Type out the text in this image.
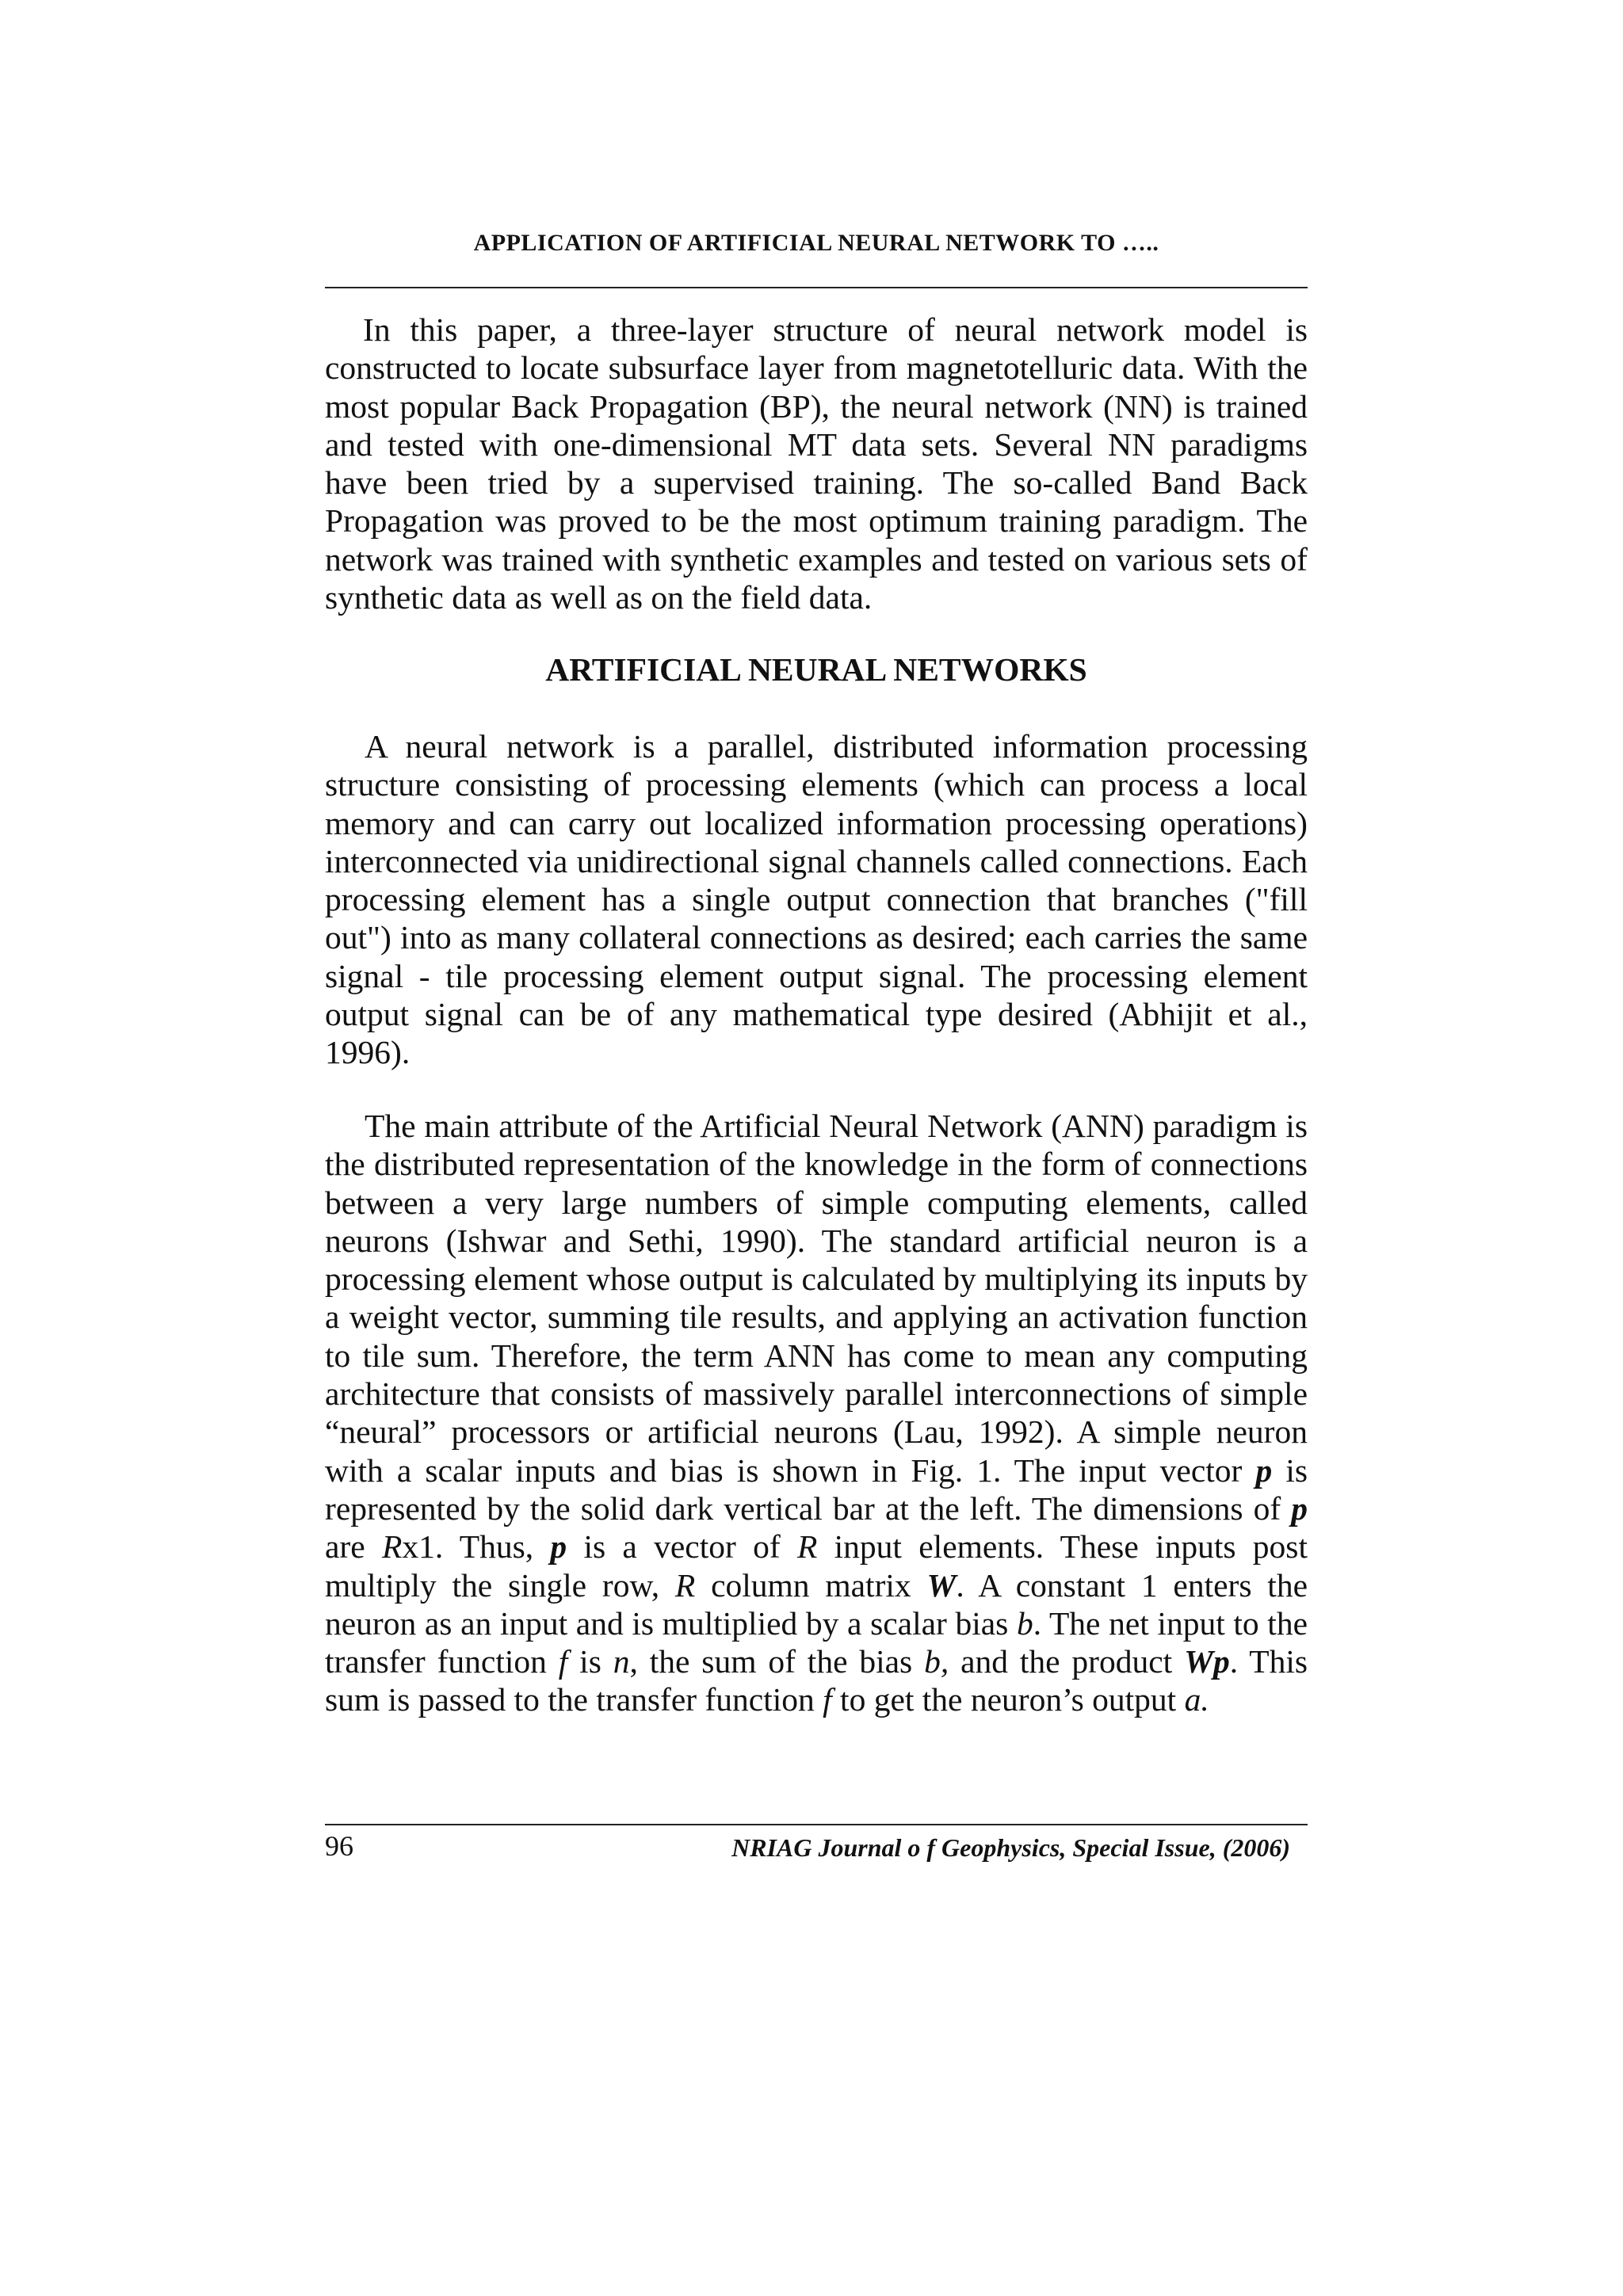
APPLICATION OF ARTIFICIAL NEURAL NETWORK TO …..

In this paper, a three-layer structure of neural network model is constructed to locate subsurface layer from magnetotelluric data. With the most popular Back Propagation (BP), the neural network (NN) is trained and tested with one-dimensional MT data sets. Several NN paradigms have been tried by a supervised training. The so-called Band Back Propagation was proved to be the most optimum training paradigm. The network was trained with synthetic examples and tested on various sets of synthetic data as well as on the field data.

ARTIFICIAL NEURAL NETWORKS

A neural network is a parallel, distributed information processing structure consisting of processing elements (which can process a local memory and can carry out localized information processing operations) interconnected via unidirectional signal channels called connections. Each processing element has a single output connection that branches ("fill out") into as many collateral connections as desired; each carries the same signal - tile processing element output signal. The processing element output signal can be of any mathematical type desired (Abhijit et al., 1996).

The main attribute of the Artificial Neural Network (ANN) paradigm is the distributed representation of the knowledge in the form of connections between a very large numbers of simple computing elements, called neurons (Ishwar and Sethi, 1990). The standard artificial neuron is a processing element whose output is calculated by multiplying its inputs by a weight vector, summing tile results, and applying an activation function to tile sum. Therefore, the term ANN has come to mean any computing architecture that consists of massively parallel interconnections of simple “neural” processors or artificial neurons (Lau, 1992). A simple neuron with a scalar inputs and bias is shown in Fig. 1. The input vector p is represented by the solid dark vertical bar at the left. The dimensions of p are Rx1. Thus, p is a vector of R input elements. These inputs post multiply the single row, R column matrix W. A constant 1 enters the neuron as an input and is multiplied by a scalar bias b. The net input to the transfer function f is n, the sum of the bias b, and the product Wp. This sum is passed to the transfer function f to get the neuron’s output a.

96	NRIAG Journal o f Geophysics, Special Issue, (2006)
